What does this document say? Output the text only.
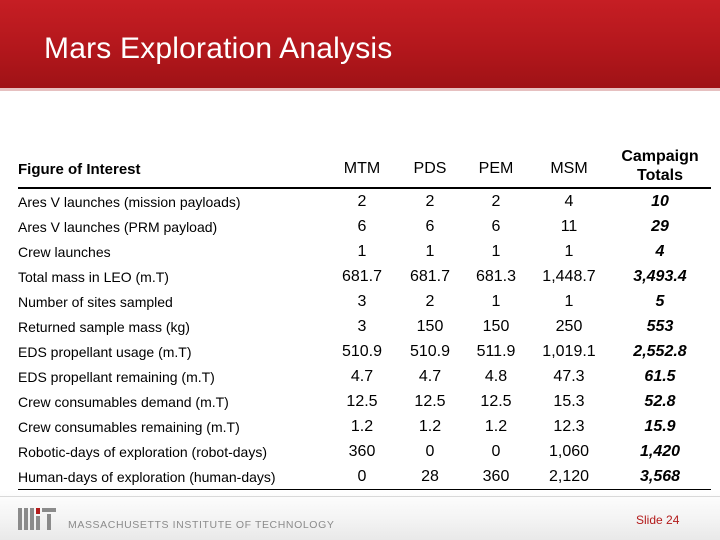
Mars Exploration Analysis
Figure of Interest	MTM	PDS	PEM	MSM	Campaign
Totals

Ares V launches (mission payloads)	2	2	2	4	10
Ares V launches (PRM payload)	6	6	6	11	29
Crew launches	1	1	1	1	4
Total mass in LEO (m.T)	681.7	681.7	681.3	1,448.7	3,493.4
Number of sites sampled	3	2	1	1	5
Returned sample mass (kg)	3	150	150	250	553
EDS propellant usage (m.T)	510.9	510.9	511.9	1,019.1	2,552.8
EDS propellant remaining (m.T)	4.7	4.7	4.8	47.3	61.5
Crew consumables demand (m.T)	12.5	12.5	12.5	15.3	52.8
Crew consumables remaining (m.T)	1.2	1.2	1.2	12.3	15.9
Robotic-days of exploration (robot-days)	360	0	0	1,060	1,420
Human-days of exploration (human-days)	0	28	360	2,120	3,568
MASSACHUSETTS INSTITUTE OF TECHNOLOGY	Slide 24
